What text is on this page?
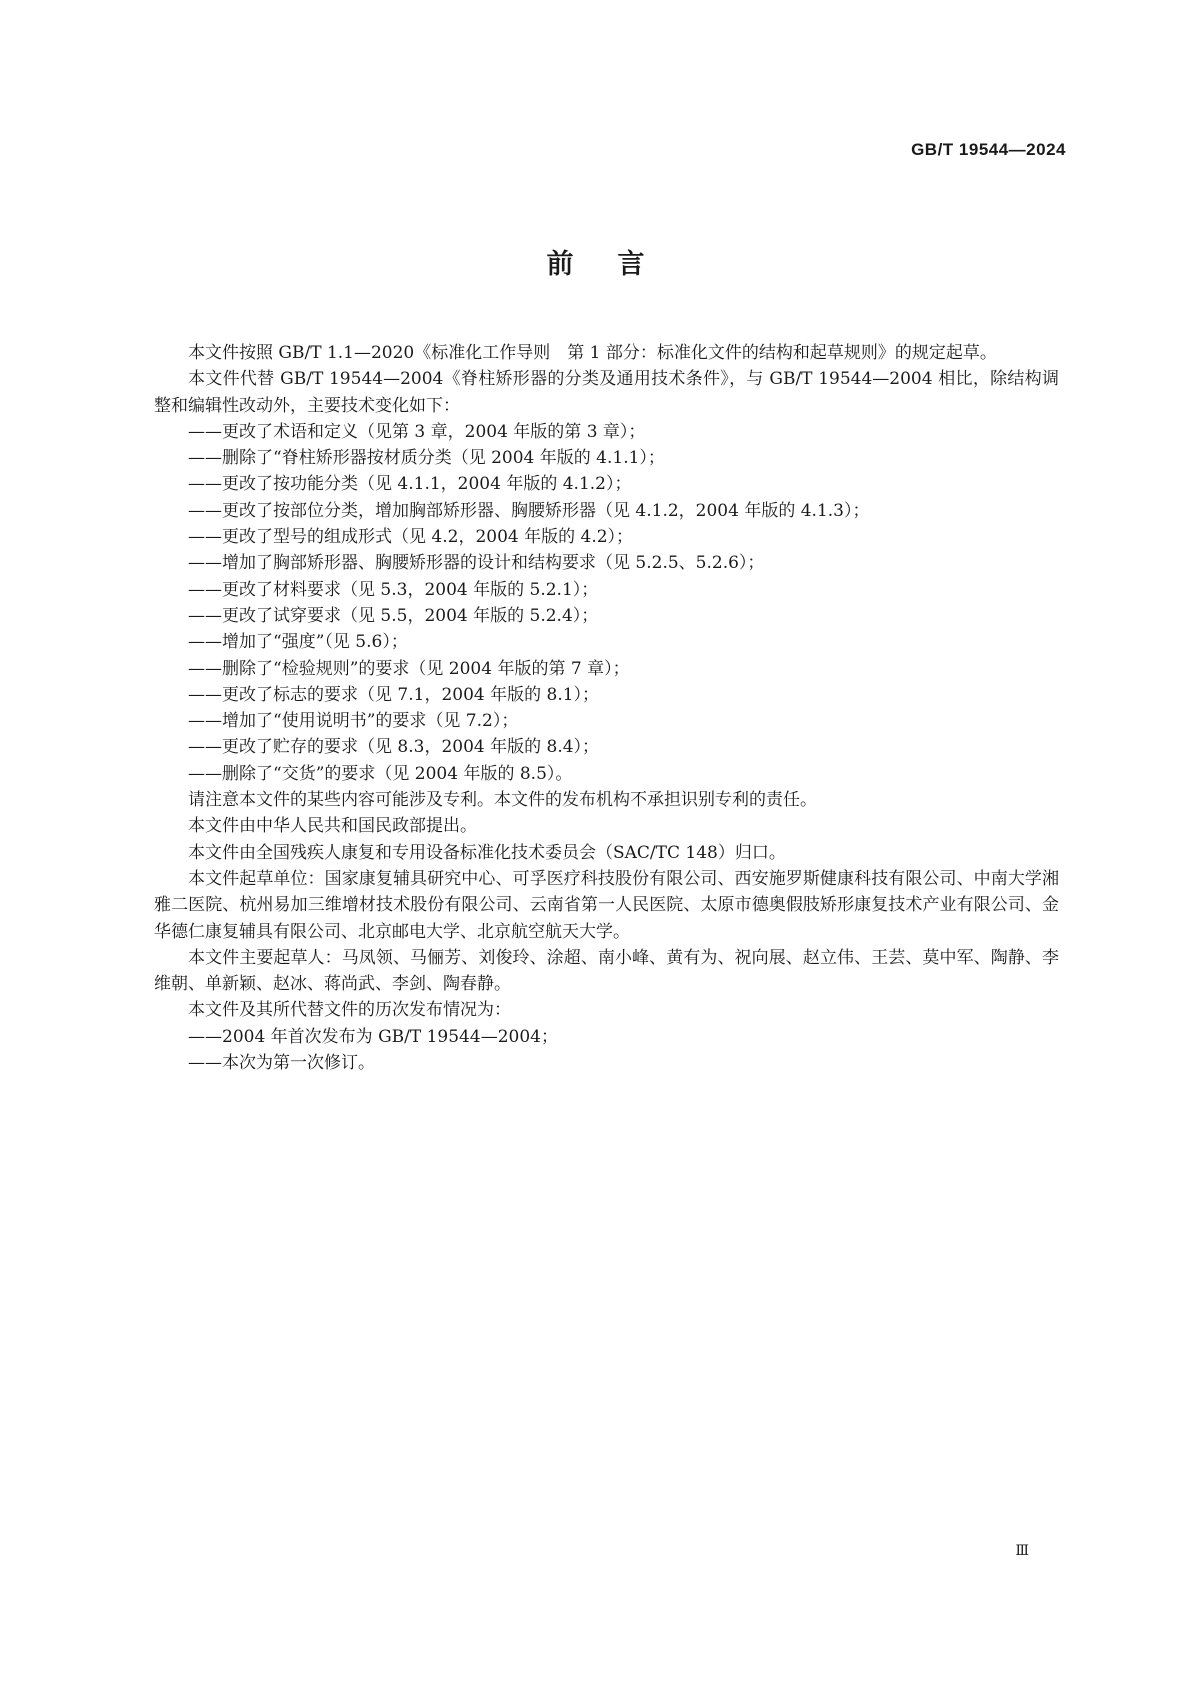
GB/T 19544—2024
前言
本文件按照 GB/T 1.1—2020《标准化工作导则　第 1 部分：标准化文件的结构和起草规则》的规定起草。
本文件代替 GB/T 19544—2004《脊柱矫形器的分类及通用技术条件》，与 GB/T 19544—2004 相比，除结构调整和编辑性改动外，主要技术变化如下：
——更改了术语和定义（见第 3 章，2004 年版的第 3 章）；
——删除了“脊柱矫形器按材质分类（见 2004 年版的 4.1.1）；
——更改了按功能分类（见 4.1.1，2004 年版的 4.1.2）；
——更改了按部位分类，增加胸部矫形器、胸腰矫形器（见 4.1.2，2004 年版的 4.1.3）；
——更改了型号的组成形式（见 4.2，2004 年版的 4.2）；
——增加了胸部矫形器、胸腰矫形器的设计和结构要求（见 5.2.5、5.2.6）；
——更改了材料要求（见 5.3，2004 年版的 5.2.1）；
——更改了试穿要求（见 5.5，2004 年版的 5.2.4）；
——增加了“强度”（见 5.6）；
——删除了“检验规则”的要求（见 2004 年版的第 7 章）；
——更改了标志的要求（见 7.1，2004 年版的 8.1）；
——增加了“使用说明书”的要求（见 7.2）；
——更改了贮存的要求（见 8.3，2004 年版的 8.4）；
——删除了“交货”的要求（见 2004 年版的 8.5）。
请注意本文件的某些内容可能涉及专利。本文件的发布机构不承担识别专利的责任。
本文件由中华人民共和国民政部提出。
本文件由全国残疾人康复和专用设备标准化技术委员会（SAC/TC 148）归口。
本文件起草单位：国家康复辅具研究中心、可孚医疗科技股份有限公司、西安施罗斯健康科技有限公司、中南大学湘雅二医院、杭州易加三维增材技术股份有限公司、云南省第一人民医院、太原市德奥假肢矫形康复技术产业有限公司、金华德仁康复辅具有限公司、北京邮电大学、北京航空航天大学。
本文件主要起草人：马凤领、马俪芳、刘俊玲、涂超、南小峰、黄有为、祝向展、赵立伟、王芸、莫中军、陶静、李维朝、单新颖、赵冰、蒋尚武、李剑、陶春静。
本文件及其所代替文件的历次发布情况为：
——2004 年首次发布为 GB/T 19544—2004；
——本次为第一次修订。
Ⅲ
